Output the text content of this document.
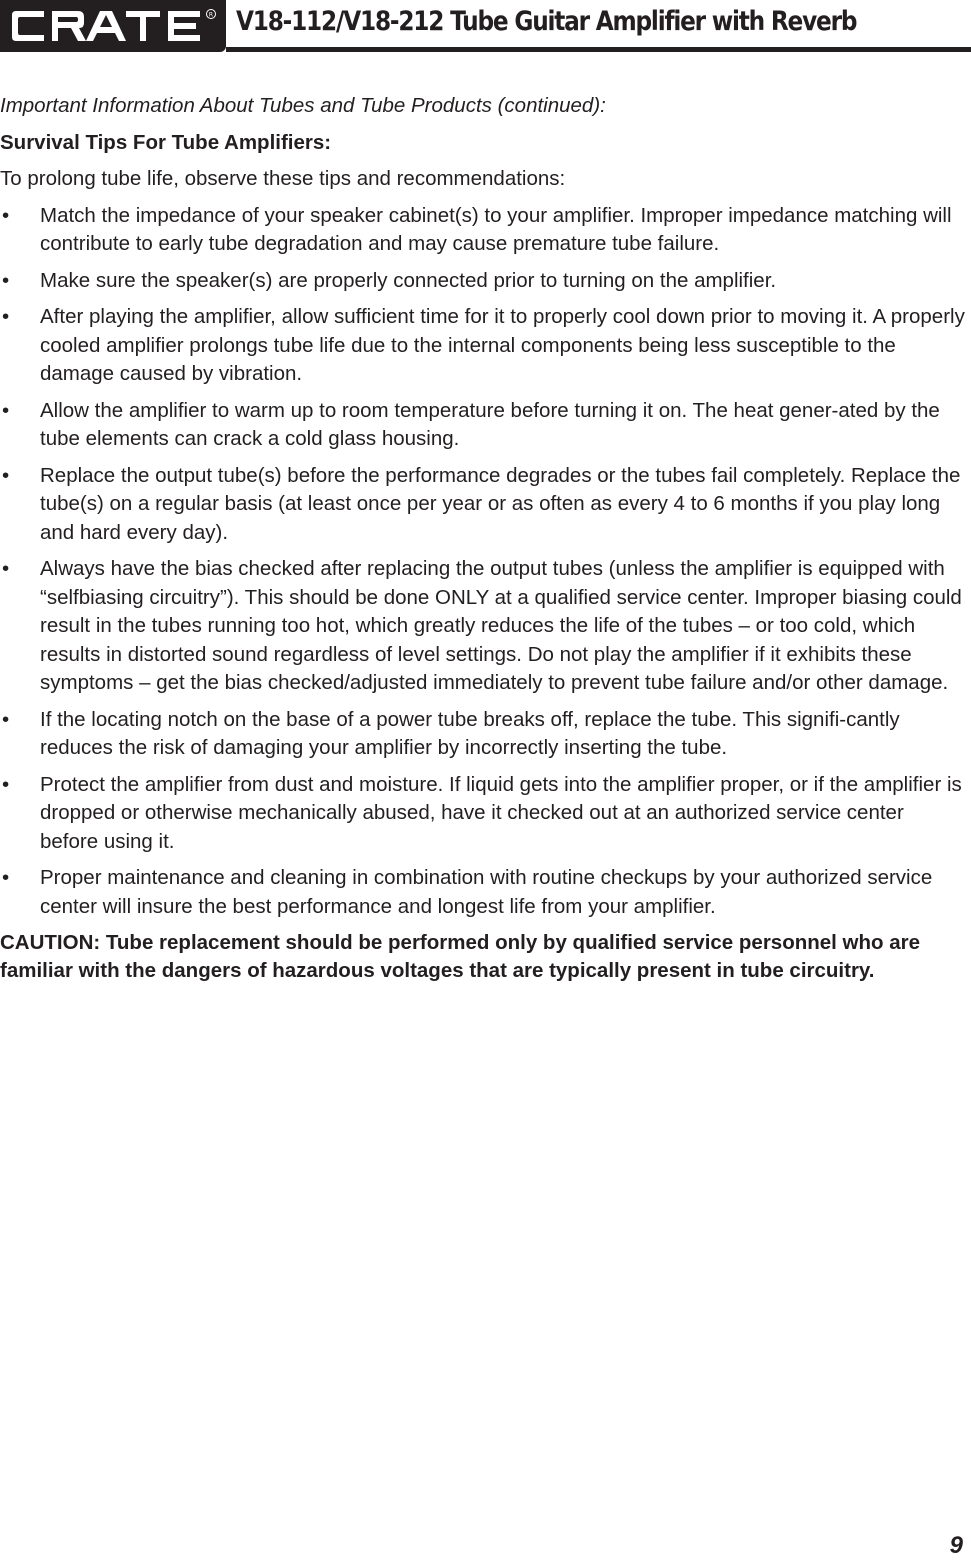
R V18-112/V18-212 Tube Guitar Amplifier with Reverb

Important Information About Tubes and Tube Products (continued):

Survival Tips For Tube Amplifiers:

To prolong tube life, observe these tips and recommendations:

• Match the impedance of your speaker cabinet(s) to your amplifier. Improper impedance matching will contribute to early tube degradation and may cause premature tube failure.
• Make sure the speaker(s) are properly connected prior to turning on the amplifier.
• After playing the amplifier, allow sufficient time for it to properly cool down prior to moving it. A properly cooled amplifier prolongs tube life due to the internal components being less susceptible to the damage caused by vibration.
• Allow the amplifier to warm up to room temperature before turning it on. The heat gener-ated by the tube elements can crack a cold glass housing.
• Replace the output tube(s) before the performance degrades or the tubes fail completely. Replace the tube(s) on a regular basis (at least once per year or as often as every 4 to 6 months if you play long and hard every day).
• Always have the bias checked after replacing the output tubes (unless the amplifier is equipped with “selfbiasing circuitry”). This should be done ONLY at a qualified service center. Improper biasing could result in the tubes running too hot, which greatly reduces the life of the tubes – or too cold, which results in distorted sound regardless of level settings. Do not play the amplifier if it exhibits these symptoms – get the bias checked/adjusted immediately to prevent tube failure and/or other damage.
• If the locating notch on the base of a power tube breaks off, replace the tube. This signifi-cantly reduces the risk of damaging your amplifier by incorrectly inserting the tube.
• Protect the amplifier from dust and moisture. If liquid gets into the amplifier proper, or if the amplifier is dropped or otherwise mechanically abused, have it checked out at an authorized service center before using it.
• Proper maintenance and cleaning in combination with routine checkups by your authorized service center will insure the best performance and longest life from your amplifier.

CAUTION: Tube replacement should be performed only by qualified service personnel who are familiar with the dangers of hazardous voltages that are typically present in tube circuitry.

9
